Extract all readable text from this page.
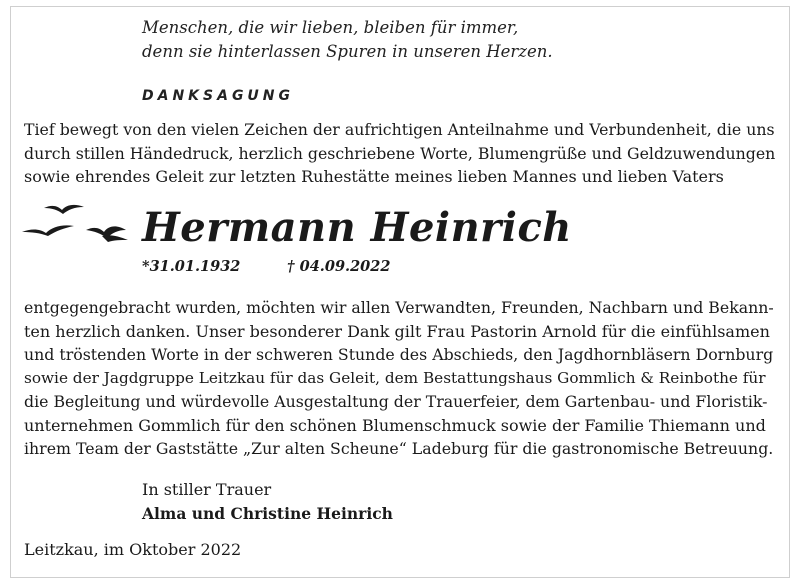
Menschen, die wir lieben, bleiben für immer,
denn sie hinterlassen Spuren in unseren Herzen.
DANKSAGUNG
Tief bewegt von den vielen Zeichen der aufrichtigen Anteilnahme und Verbundenheit, die uns
durch stillen Händedruck, herzlich geschriebene Worte, Blumengrüße und Geldzuwendungen
sowie ehrendes Geleit zur letzten Ruhestätte meines lieben Mannes und lieben Vaters
Hermann Heinrich
*31.01.1932	† 04.09.2022
entgegengebracht wurden, möchten wir allen Verwandten, Freunden, Nachbarn und Bekann-
ten herzlich danken. Unser besonderer Dank gilt Frau Pastorin Arnold für die einfühlsamen
und tröstenden Worte in der schweren Stunde des Abschieds, den Jagdhornbläsern Dornburg
sowie der Jagdgruppe Leitzkau für das Geleit, dem Bestattungshaus Gommlich & Reinbothe für
die Begleitung und würdevolle Ausgestaltung der Trauerfeier, dem Gartenbau- und Floristik-
unternehmen Gommlich für den schönen Blumenschmuck sowie der Familie Thiemann und
ihrem Team der Gaststätte „Zur alten Scheune“ Ladeburg für die gastronomische Betreuung.
In stiller Trauer
Alma und Christine Heinrich
Leitzkau, im Oktober 2022
